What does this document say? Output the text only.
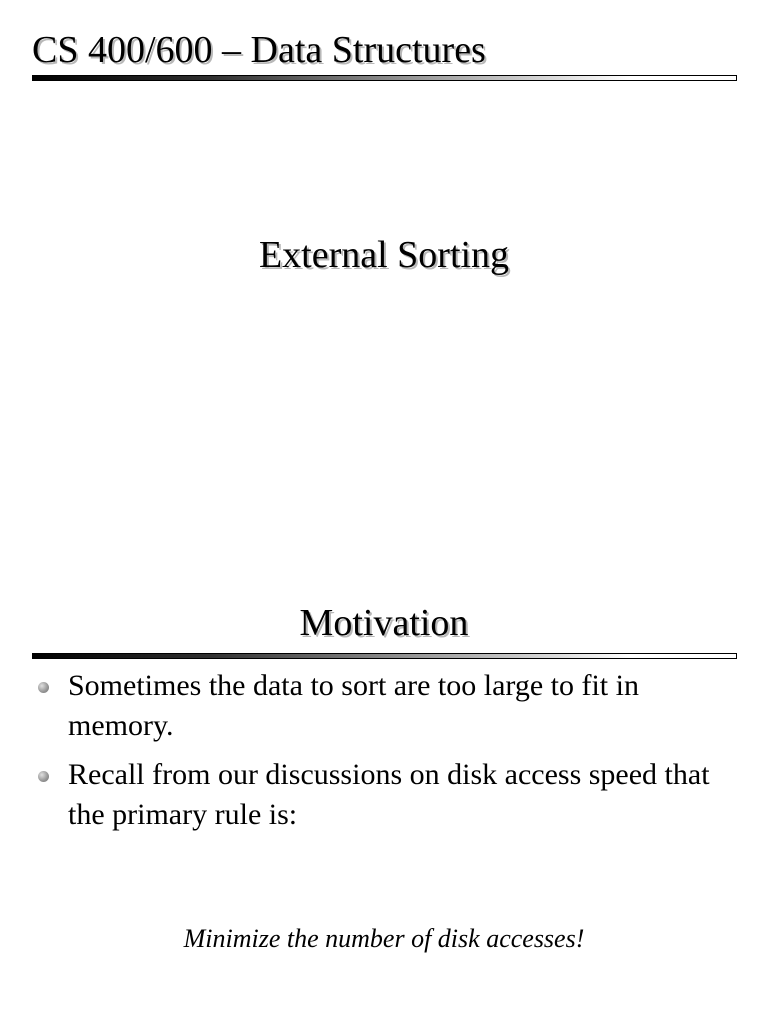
CS 400/600 – Data Structures
External Sorting
Motivation
Sometimes the data to sort are too large to fit in memory.
Recall from our discussions on disk access speed that the primary rule is:
Minimize the number of disk accesses!
